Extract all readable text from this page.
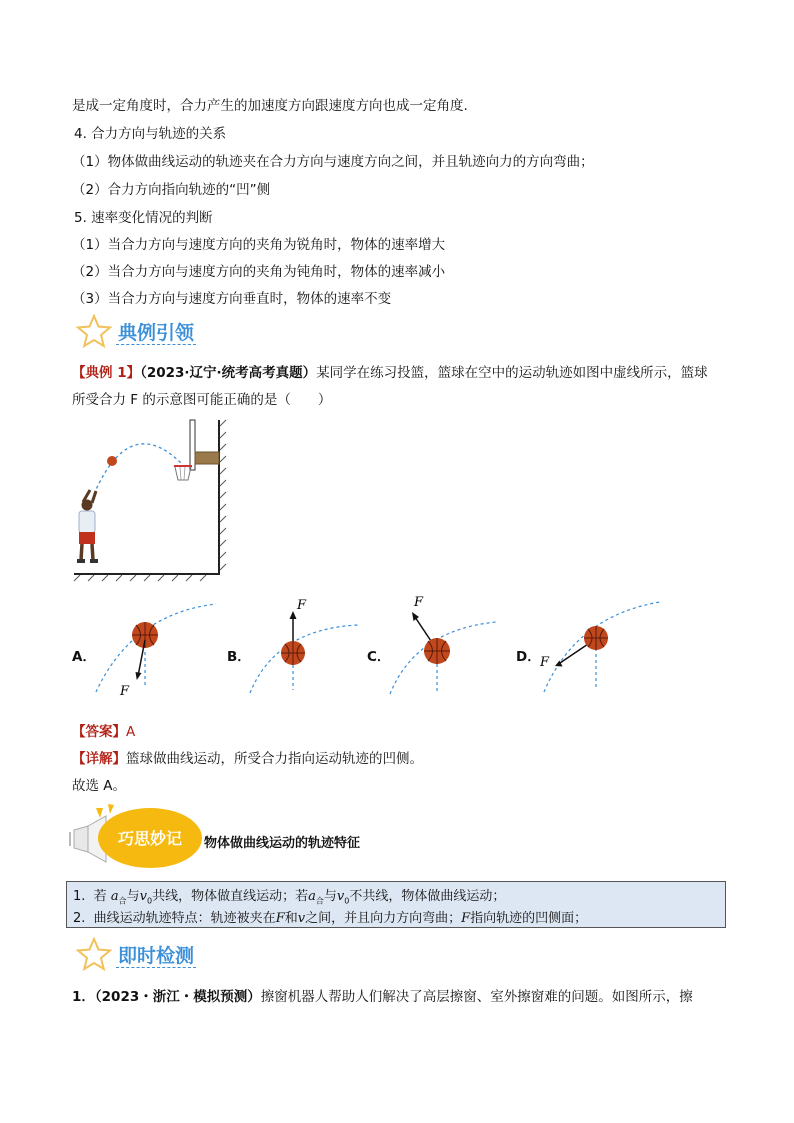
是成一定角度时，合力产生的加速度方向跟速度方向也成一定角度.
4. 合力方向与轨迹的关系
（1）物体做曲线运动的轨迹夹在合力方向与速度方向之间，并且轨迹向力的方向弯曲；
（2）合力方向指向轨迹的“凹”侧
5. 速率变化情况的判断
（1）当合力方向与速度方向的夹角为锐角时，物体的速率增大
（2）当合力方向与速度方向的夹角为钝角时，物体的速率减小
（3）当合力方向与速度方向垂直时，物体的速率不变
典例引领
【典例 1】（2023·辽宁·统考高考真题）某同学在练习投篮，篮球在空中的运动轨迹如图中虚线所示，篮球
所受合力 F 的示意图可能正确的是（　　）
A．
F
B．
F
C．
F
D． F
【答案】A
【详解】篮球做曲线运动，所受合力指向运动轨迹的凹侧。
故选 A。
巧思妙记 物体做曲线运动的轨迹特征
1. 若 $a_合$与$v_0$共线，物体做直线运动；若$a_合$与$v_0$不共线，物体做曲线运动；
2. 曲线运动轨迹特点：轨迹被夹在F和v之间，并且向力方向弯曲；F指向轨迹的凹侧面；
即时检测
1．（2023・浙江・模拟预测）擦窗机器人帮助人们解决了高层擦窗、室外擦窗难的问题。如图所示，擦
